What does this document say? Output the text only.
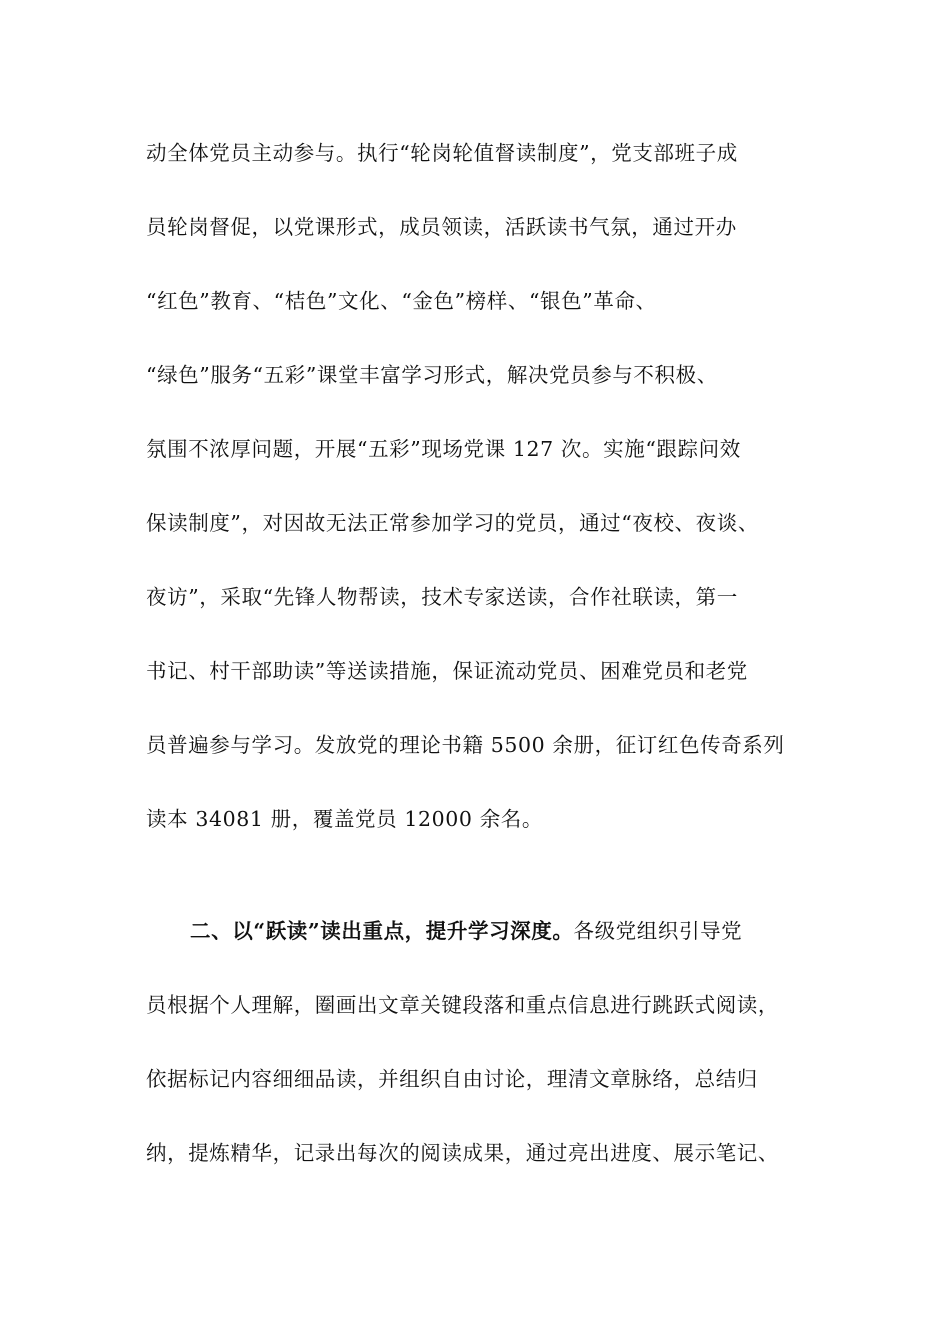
动全体党员主动参与。执行“轮岗轮值督读制度”，党支部班子成
员轮岗督促，以党课形式，成员领读，活跃读书气氛，通过开办
“红色”教育、“桔色”文化、“金色”榜样、“银色”革命、
“绿色”服务“五彩”课堂丰富学习形式，解决党员参与不积极、
氛围不浓厚问题，开展“五彩”现场党课 127 次。实施“跟踪问效
保读制度”，对因故无法正常参加学习的党员，通过“夜校、夜谈、
夜访”，采取“先锋人物帮读，技术专家送读，合作社联读，第一
书记、村干部助读”等送读措施，保证流动党员、困难党员和老党
员普遍参与学习。发放党的理论书籍 5500 余册，征订红色传奇系列
读本 34081 册，覆盖党员 12000 余名。
二、以“跃读”读出重点，提升学习深度。各级党组织引导党
员根据个人理解，圈画出文章关键段落和重点信息进行跳跃式阅读，
依据标记内容细细品读，并组织自由讨论，理清文章脉络，总结归
纳，提炼精华，记录出每次的阅读成果，通过亮出进度、展示笔记、
